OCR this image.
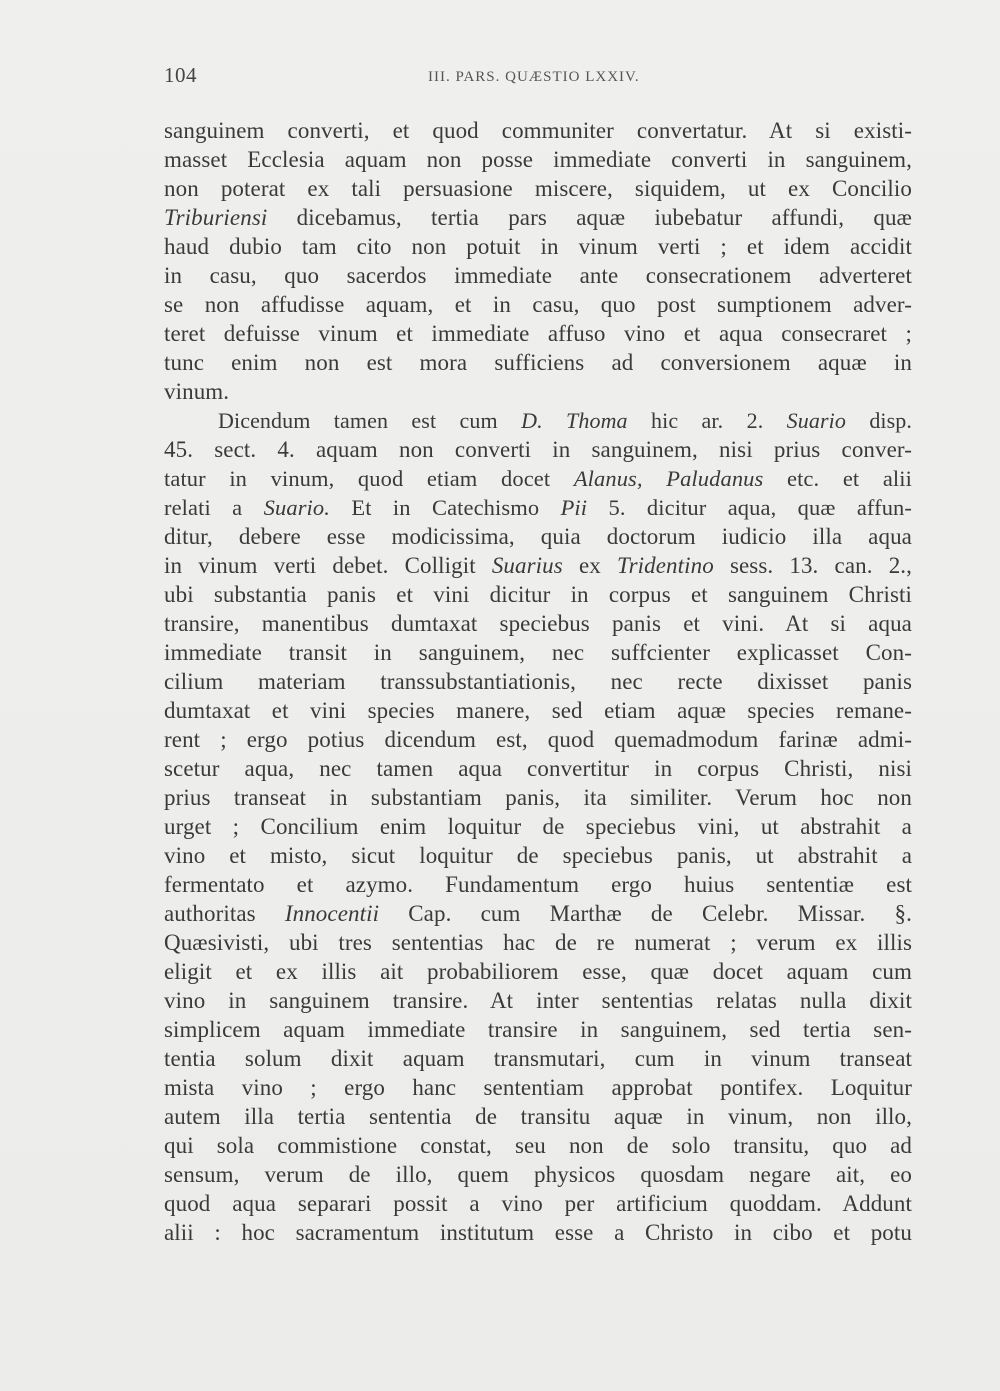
104	III. PARS. QUÆSTIO LXXIV.
sanguinem converti, et quod communiter convertatur. At si existi-
masset Ecclesia aquam non posse immediate converti in sanguinem,
non poterat ex tali persuasione miscere, siquidem, ut ex Concilio
Triburiensi dicebamus, tertia pars aquæ iubebatur affundi, quæ
haud dubio tam cito non potuit in vinum verti ; et idem accidit
in casu, quo sacerdos immediate ante consecrationem adverteret
se non affudisse aquam, et in casu, quo post sumptionem adver-
teret defuisse vinum et immediate affuso vino et aqua consecraret ;
tunc enim non est mora sufficiens ad conversionem aquæ in
vinum.
Dicendum tamen est cum D. Thoma hic ar. 2. Suario disp.
45. sect. 4. aquam non converti in sanguinem, nisi prius conver-
tatur in vinum, quod etiam docet Alanus, Paludanus etc. et alii
relati a Suario. Et in Catechismo Pii 5. dicitur aqua, quæ affun-
ditur, debere esse modicissima, quia doctorum iudicio illa aqua
in vinum verti debet. Colligit Suarius ex Tridentino sess. 13. can. 2.,
ubi substantia panis et vini dicitur in corpus et sanguinem Christi
transire, manentibus dumtaxat speciebus panis et vini. At si aqua
immediate transit in sanguinem, nec suffcienter explicasset Con-
cilium materiam transsubstantiationis, nec recte dixisset panis
dumtaxat et vini species manere, sed etiam aquæ species remane-
rent ; ergo potius dicendum est, quod quemadmodum farinæ admi-
scetur aqua, nec tamen aqua convertitur in corpus Christi, nisi
prius transeat in substantiam panis, ita similiter. Verum hoc non
urget ; Concilium enim loquitur de speciebus vini, ut abstrahit a
vino et misto, sicut loquitur de speciebus panis, ut abstrahit a
fermentato et azymo. Fundamentum ergo huius sententiæ est
authoritas Innocentii Cap. cum Marthæ de Celebr. Missar. §.
Quæsivisti, ubi tres sententias hac de re numerat ; verum ex illis
eligit et ex illis ait probabiliorem esse, quæ docet aquam cum
vino in sanguinem transire. At inter sententias relatas nulla dixit
simplicem aquam immediate transire in sanguinem, sed tertia sen-
tentia solum dixit aquam transmutari, cum in vinum transeat
mista vino ; ergo hanc sententiam approbat pontifex. Loquitur
autem illa tertia sententia de transitu aquæ in vinum, non illo,
qui sola commistione constat, seu non de solo transitu, quo ad
sensum, verum de illo, quem physicos quosdam negare ait, eo
quod aqua separari possit a vino per artificium quoddam. Addunt
alii : hoc sacramentum institutum esse a Christo in cibo et potu
